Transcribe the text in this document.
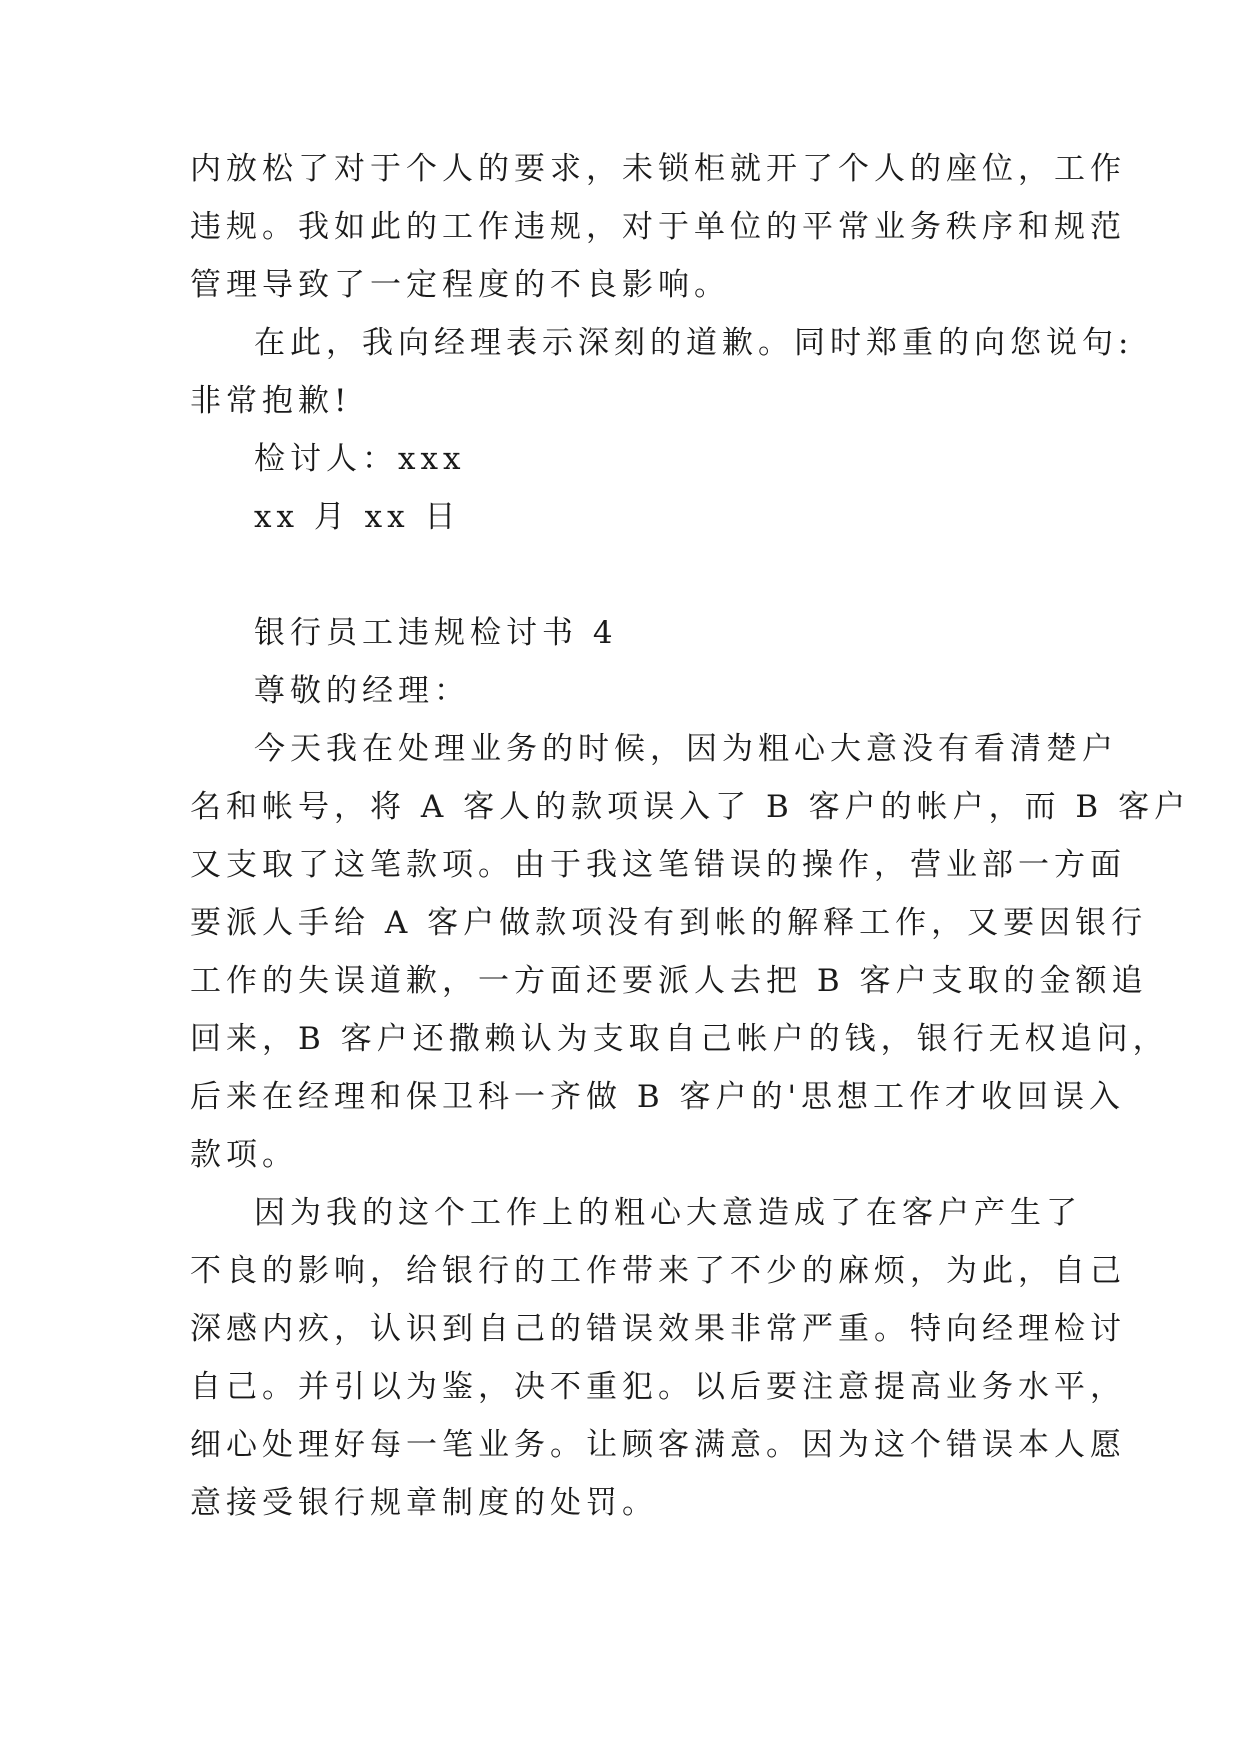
内放松了对于个人的要求，未锁柜就开了个人的座位，工作
违规。我如此的工作违规，对于单位的平常业务秩序和规范
管理导致了一定程度的不良影响。
在此，我向经理表示深刻的道歉。同时郑重的向您说句:
非常抱歉!
检讨人：xxx
xx 月 xx 日
银行员工违规检讨书 4
尊敬的经理：
今天我在处理业务的时候，因为粗心大意没有看清楚户
名和帐号，将 A 客人的款项误入了 B 客户的帐户，而 B 客户
又支取了这笔款项。由于我这笔错误的操作，营业部一方面
要派人手给 A 客户做款项没有到帐的解释工作，又要因银行
工作的失误道歉，一方面还要派人去把 B 客户支取的金额追
回来，B 客户还撒赖认为支取自己帐户的钱，银行无权追问，
后来在经理和保卫科一齐做 B 客户的'思想工作才收回误入
款项。
因为我的这个工作上的粗心大意造成了在客户产生了
不良的影响，给银行的工作带来了不少的麻烦，为此，自己
深感内疚，认识到自己的错误效果非常严重。特向经理检讨
自己。并引以为鉴，决不重犯。以后要注意提高业务水平，
细心处理好每一笔业务。让顾客满意。因为这个错误本人愿
意接受银行规章制度的处罚。
